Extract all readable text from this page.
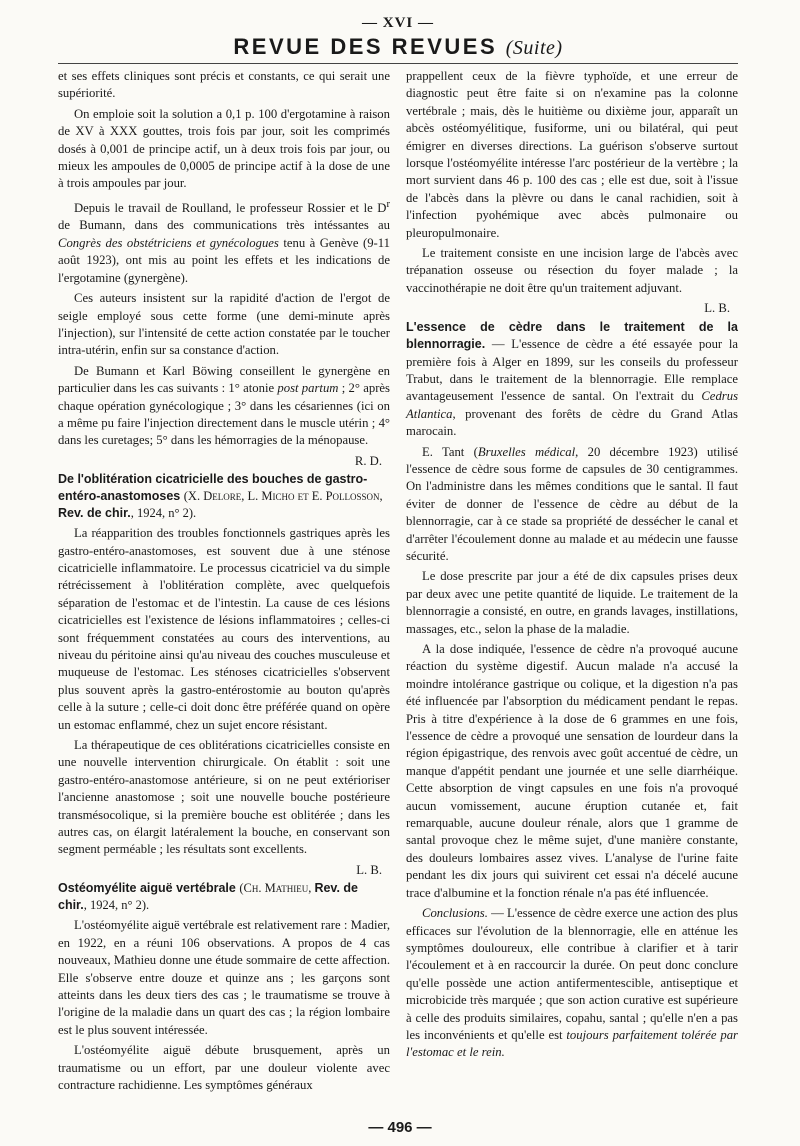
— XVI —
REVUE DES REVUES (Suite)

et ses effets cliniques sont précis et constants, ce qui serait une supériorité.

On emploie soit la solution a 0,1 p. 100 d'ergotamine à raison de XV à XXX gouttes, trois fois par jour, soit les comprimés dosés à 0,001 de principe actif, un à deux trois fois par jour, ou mieux les ampoules de 0,0005 de principe actif à la dose de une à trois ampoules par jour.

Depuis le travail de Roulland, le professeur Rossier et le $D^r$ de Bumann, dans des communications très intéssantes au Congrès des obstétriciens et gynécologues tenu à Genève (9-11 août 1923), ont mis au point les effets et les indications de l'ergotamine (gynergène).

Ces auteurs insistent sur la rapidité d'action de l'ergot de seigle employé sous cette forme (une demi-minute après l'injection), sur l'intensité de cette action constatée par le toucher intra-utérin, enfin sur sa constance d'action.

De Bumann et Karl Böwing conseillent le gynergène en particulier dans les cas suivants : 1° atonie post partum ; 2° après chaque opération gynécologique ; 3° dans les césariennes (ici on a même pu faire l'injection directement dans le muscle utérin ; 4° dans les curetages; 5° dans les hémorragies de la ménopause.

R. D.

De l'oblitération cicatricielle des bouches de gastro-entéro-anastomoses (X. Delore, L. Micho et E. Pollosson, Rev. de chir., 1924, n° 2).

La réapparition des troubles fonctionnels gastriques après les gastro-entéro-anastomoses, est souvent due à une sténose cicatricielle inflammatoire. Le processus cicatriciel va du simple rétrécissement à l'oblitération complète, avec quelquefois séparation de l'estomac et de l'intestin. La cause de ces lésions cicatricielles est l'existence de lésions inflammatoires ; celles-ci sont fréquemment constatées au cours des interventions, au niveau du péritoine ainsi qu'au niveau des couches musculeuse et muqueuse de l'estomac. Les sténoses cicatricielles s'observent plus souvent après la gastro-entérostomie au bouton qu'après celle à la suture ; celle-ci doit donc être préférée quand on opère un estomac enflammé, chez un sujet encore résistant.

La thérapeutique de ces oblitérations cicatricielles consiste en une nouvelle intervention chirurgicale. On établit : soit une gastro-entéro-anastomose antérieure, si on ne peut extérioriser l'ancienne anastomose ; soit une nouvelle bouche postérieure transmésocolique, si la première bouche est oblitérée ; dans les autres cas, on élargit latéralement la bouche, en conservant son segment perméable ; les résultats sont excellents.

L. B.

Ostéomyélite aiguë vertébrale (Ch. Mathieu, Rev. de chir., 1924, n° 2).

L'ostéomyélite aiguë vertébrale est relativement rare : Madier, en 1922, en a réuni 106 observations. A propos de 4 cas nouveaux, Mathieu donne une étude sommaire de cette affection. Elle s'observe entre douze et quinze ans ; les garçons sont atteints dans les deux tiers des cas ; le traumatisme se trouve à l'origine de la maladie dans un quart des cas ; la région lombaire est le plus souvent intéressée.

L'ostéomyélite aiguë débute brusquement, après un traumatisme ou un effort, par une douleur violente avec contracture rachidienne. Les symptômes généraux

prappellent ceux de la fièvre typhoïde, et une erreur de diagnostic peut être faite si on n'examine pas la colonne vertébrale ; mais, dès le huitième ou dixième jour, apparaît un abcès ostéomyélitique, fusiforme, uni ou bilatéral, qui peut émigrer en diverses directions. La guérison s'observe surtout lorsque l'ostéomyélite intéresse l'arc postérieur de la vertèbre ; la mort survient dans 46 p. 100 des cas ; elle est due, soit à l'issue de l'abcès dans la plèvre ou dans le canal rachidien, soit à l'infection pyohémique avec abcès pulmonaire ou pleuropulmonaire.

Le traitement consiste en une incision large de l'abcès avec trépanation osseuse ou résection du foyer malade ; la vaccinothérapie ne doit être qu'un traitement adjuvant.

L. B.

L'essence de cèdre dans le traitement de la blennorragie. — L'essence de cèdre a été essayée pour la première fois à Alger en 1899, sur les conseils du professeur Trabut, dans le traitement de la blennorragie. Elle remplace avantageusement l'essence de santal. On l'extrait du Cedrus Atlantica, provenant des forêts de cèdre du Grand Atlas marocain.

E. Tant (Bruxelles médical, 20 décembre 1923) utilisé l'essence de cèdre sous forme de capsules de 30 centigrammes. On l'administre dans les mêmes conditions que le santal. Il faut éviter de donner de l'essence de cèdre au début de la blennorragie, car à ce stade sa propriété de dessécher le canal et d'arrêter l'écoulement donne au malade et au médecin une fausse sécurité.

Le dose prescrite par jour a été de dix capsules prises deux par deux avec une petite quantité de liquide. Le traitement de la blennorragie a consisté, en outre, en grands lavages, instillations, massages, etc., selon la phase de la maladie.

A la dose indiquée, l'essence de cèdre n'a provoqué aucune réaction du système digestif. Aucun malade n'a accusé la moindre intolérance gastrique ou colique, et la digestion n'a pas été influencée par l'absorption du médicament pendant le repas. Pris à titre d'expérience à la dose de 6 grammes en une fois, l'essence de cèdre a provoqué une sensation de lourdeur dans la région épigastrique, des renvois avec goût accentué de cèdre, un manque d'appétit pendant une journée et une selle diarrhéique. Cette absorption de vingt capsules en une fois n'a provoqué aucun vomissement, aucune éruption cutanée et, fait remarquable, aucune douleur rénale, alors que 1 gramme de santal provoque chez le même sujet, d'une manière constante, des douleurs lombaires assez vives. L'analyse de l'urine faite pendant les dix jours qui suivirent cet essai n'a décelé aucune trace d'albumine et la fonction rénale n'a pas été influencée.

Conclusions. — L'essence de cèdre exerce une action des plus efficaces sur l'évolution de la blennorragie, elle en atténue les symptômes douloureux, elle contribue à clarifier et à tarir l'écoulement et à en raccourcir la durée. On peut donc conclure qu'elle possède une action antifermentescible, antiseptique et microbicide très marquée ; que son action curative est supérieure à celle des produits similaires, copahu, santal ; qu'elle n'en a pas les inconvénients et qu'elle est toujours parfaitement tolérée par l'estomac et le rein.

— 496 —
